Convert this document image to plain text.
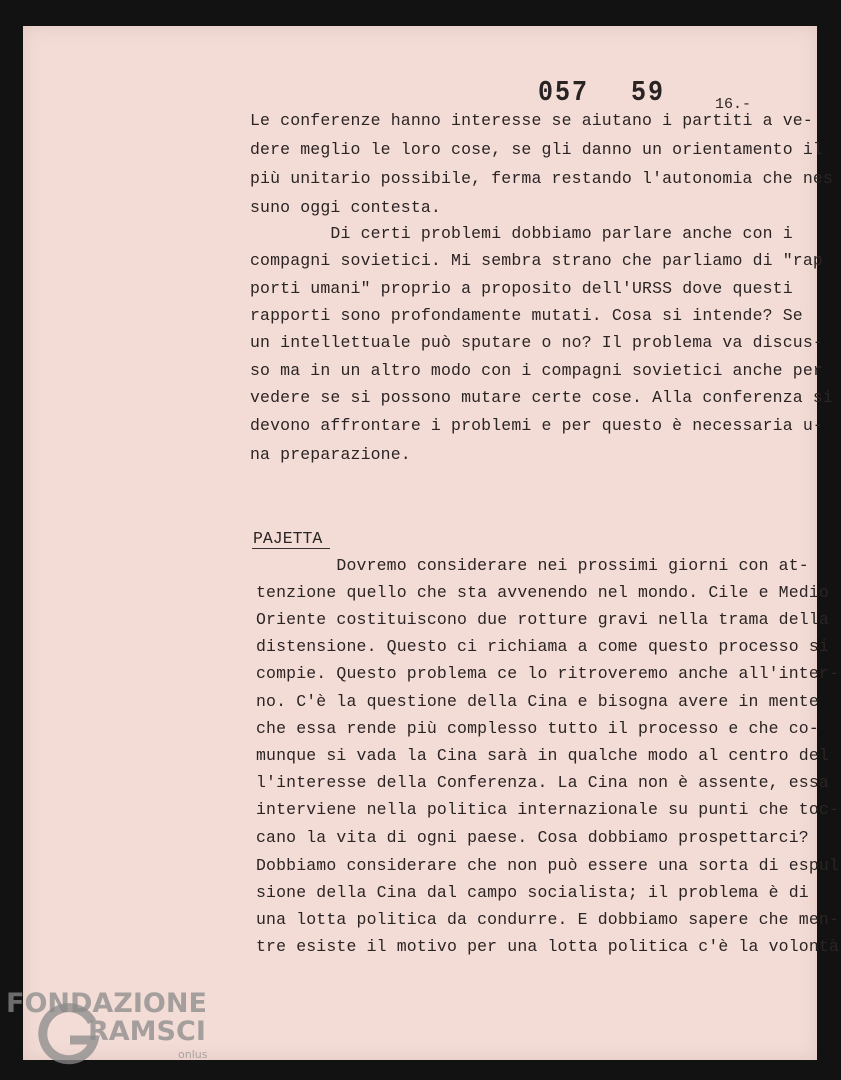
057 59	16.-
Le conferenze hanno interesse se aiutano i partiti a ve-
dere meglio le loro cose, se gli danno un orientamento il
più unitario possibile, ferma restando l'autonomia che nes
suno oggi contesta.
Di certi problemi dobbiamo parlare anche con i
compagni sovietici. Mi sembra strano che parliamo di "rap
porti umani" proprio a proposito dell'URSS dove questi
rapporti sono profondamente mutati. Cosa si intende? Se
un intellettuale può sputare o no? Il problema va discus-
so ma in un altro modo con i compagni sovietici anche per
vedere se si possono mutare certe cose. Alla conferenza si
devono affrontare i problemi e per questo è necessaria u-
na preparazione.
PAJETTA
Dovremo considerare nei prossimi giorni con at-
tenzione quello che sta avvenendo nel mondo. Cile e Medio
Oriente costituiscono due rotture gravi nella trama della
distensione. Questo ci richiama a come questo processo si
compie. Questo problema ce lo ritroveremo anche all'inter-
no. C'è la questione della Cina e bisogna avere in mente
che essa rende più complesso tutto il processo e che co-
munque si vada la Cina sarà in qualche modo al centro del
l'interesse della Conferenza. La Cina non è assente, essa
interviene nella politica internazionale su punti che toc-
cano la vita di ogni paese. Cosa dobbiamo prospettarci?
Dobbiamo considerare che non può essere una sorta di espul
sione della Cina dal campo socialista; il problema è di
una lotta politica da condurre. E dobbiamo sapere che men-
tre esiste il motivo per una lotta politica c'è la volontà
FONDAZIONE
RAMSCI
onlus
